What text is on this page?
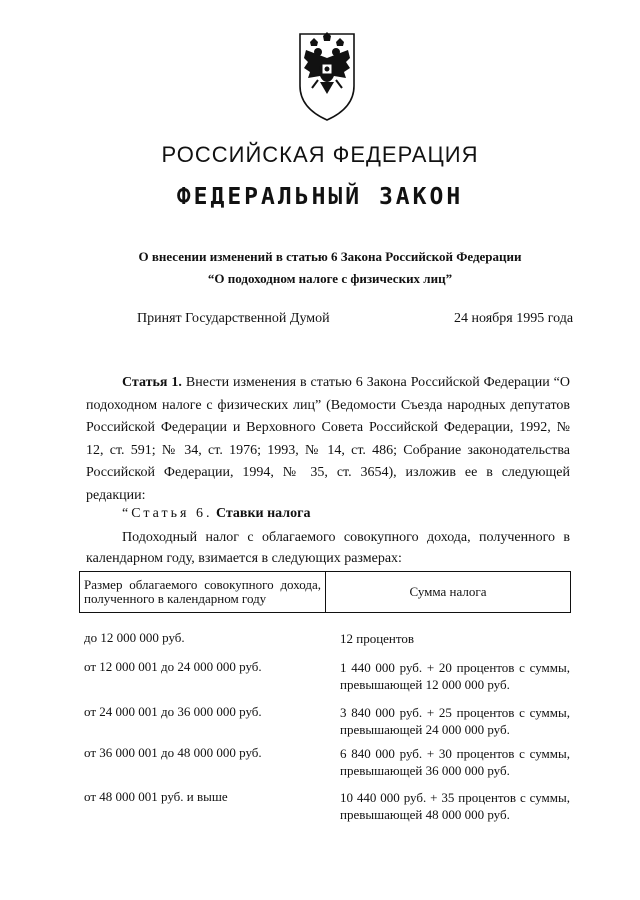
РОССИЙСКАЯ ФЕДЕРАЦИЯ
ФЕДЕРАЛЬНЫЙ ЗАКОН
О внесении изменений в статью 6 Закона Российской Федерации
“О подоходном налоге с физических лиц”
Принят Государственной Думой	24 ноября 1995 года
Статья 1. Внести изменения в статью 6 Закона Российской Федерации “О подоходном налоге с физических лиц” (Ведомости Съезда народных депутатов Российской Федерации и Верховного Совета Российской Федерации, 1992, № 12, ст. 591; № 34, ст. 1976; 1993, № 14, ст. 486; Собрание законодательства Российской Федерации, 1994, № 35, ст. 3654), изложив ее в следующей редакции:
“Статья 6. Ставки налога
Подоходный налог с облагаемого совокупного дохода, полученного в календарном году, взимается в следующих размерах:
Размер облагаемого совокупного дохода, полученного в календарном году	Сумма налога
до 12 000 000 руб.	12 процентов
от 12 000 001 до 24 000 000 руб.	1 440 000 руб. + 20 процентов с суммы, превышающей 12 000 000 руб.
от 24 000 001 до 36 000 000 руб.	3 840 000 руб. + 25 процентов с суммы, превышающей 24 000 000 руб.
от 36 000 001 до 48 000 000 руб.	6 840 000 руб. + 30 процентов с суммы, превышающей 36 000 000 руб.
от 48 000 001 руб. и выше	10 440 000 руб. + 35 процентов с суммы, превышающей 48 000 000 руб.
